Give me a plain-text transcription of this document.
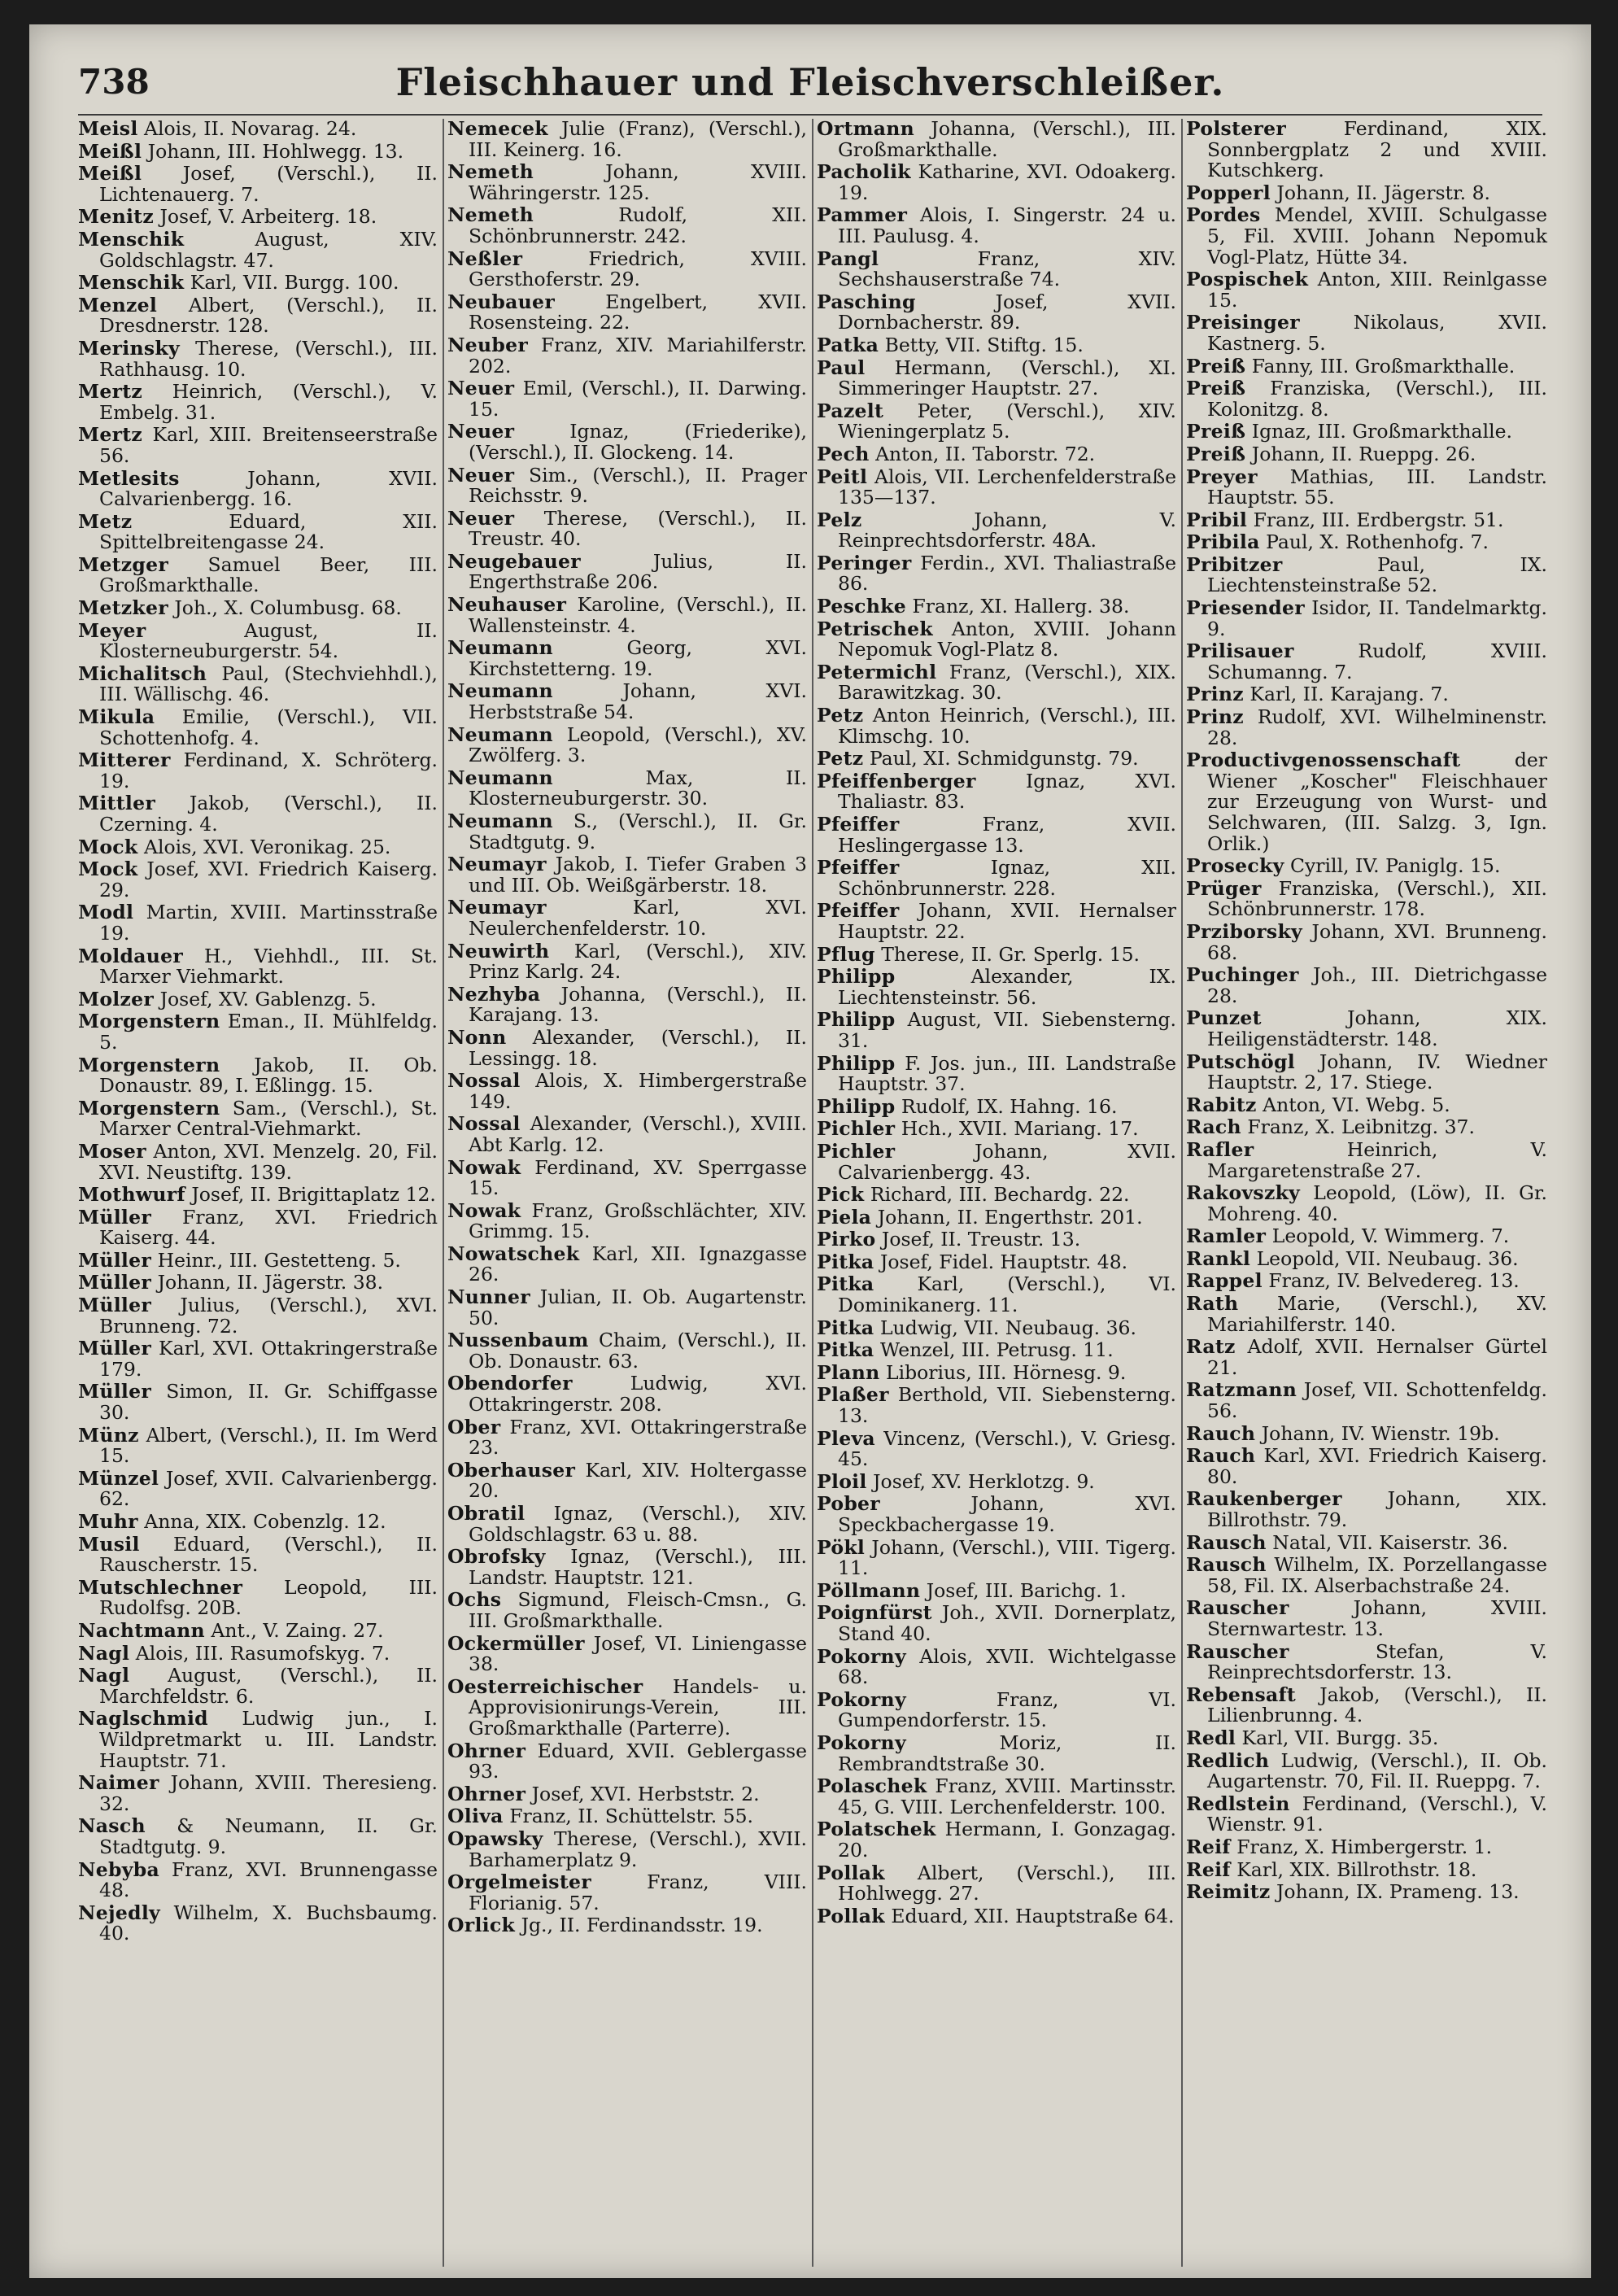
738	Fleischhauer und Fleischverschleißer.

Meisl Alois, II. Novarag. 24.

Meißl Johann, III. Hohlwegg. 13.

Meißl Josef, (Verschl.), II. Lichtenauerg. 7.

Menitz Josef, V. Arbeiterg. 18.

Menschik	August, XIV. Goldschlagstr. 47.

Menschik Karl, VII. Burgg. 100.

Menzel Albert, (Verschl.), II. Dresdnerstr. 128.

Merinsky Therese, (Verschl.), III. Rathhausg. 10.

Mertz Heinrich, (Verschl.), V. Embelg. 31.

Mertz Karl, XIII. Breitenseerstraße 56.

Metlesits	Johann, XVII. Calvarienbergg. 16.

Metz	Eduard, XII. Spittelbreitengasse 24.

Metzger Samuel Beer, III. Großmarkthalle.

Metzker Joh., X. Columbusg. 68.

Meyer	August, II. Klosterneuburgerstr. 54.

Michalitsch Paul, (Stechviehhdl.), III. Wällischg. 46.

Mikula Emilie, (Verschl.), VII. Schottenhofg. 4.

Mitterer Ferdinand, X. Schröterg. 19.

Mittler Jakob, (Verschl.), II. Czerning. 4.

Mock Alois, XVI. Veronikag. 25.

Mock Josef, XVI. Friedrich Kaiserg. 29.

Modl Martin, XVIII. Martinsstraße 19.

Moldauer H., Viehhdl., III. St. Marxer Viehmarkt.

Molzer Josef, XV. Gablenzg. 5.

Morgenstern Eman., II. Mühlfeldg. 5.

Morgenstern Jakob, II. Ob. Donaustr. 89, I. Eßlingg. 15.

Morgenstern Sam., (Verschl.), St. Marxer Central-Viehmarkt.

Moser Anton, XVI. Menzelg. 20, Fil. XVI. Neustiftg. 139.

Mothwurf Josef, II. Brigittaplatz 12.

Müller Franz, XVI. Friedrich Kaiserg. 44.

Müller Heinr., III. Gestetteng. 5.

Müller Johann, II. Jägerstr. 38.

Müller Julius, (Verschl.), XVI. Brunneng. 72.

Müller Karl, XVI. Ottakringerstraße 179.

Müller Simon, II. Gr. Schiffgasse 30.

Münz Albert, (Verschl.), II. Im Werd 15.

Münzel Josef, XVII. Calvarienbergg. 62.

Muhr Anna, XIX. Cobenzlg. 12.

Musil Eduard, (Verschl.), II. Rauscherstr. 15.

Mutschlechner Leopold, III. Rudolfsg. 20B.

Nachtmann Ant., V. Zaing. 27.

Nagl Alois, III. Rasumofskyg. 7.

Nagl August, (Verschl.), II. Marchfeldstr. 6.

Naglschmid Ludwig jun., I. Wildpretmarkt u. III. Landstr. Hauptstr. 71.

Naimer Johann, XVIII. Theresieng. 32.

Nasch & Neumann, II. Gr. Stadtgutg. 9.

Nebyba Franz, XVI. Brunnengasse 48.

Nejedly Wilhelm, X. Buchsbaumg. 40.

Nemecek Julie (Franz), (Verschl.), III. Keinerg. 16.

Nemeth	Johann, XVIII. Währingerstr. 125.

Nemeth	Rudolf, XII. Schönbrunnerstr. 242.

Neßler	Friedrich, XVIII. Gersthoferstr. 29.

Neubauer	Engelbert, XVII. Rosensteing. 22.

Neuber Franz, XIV. Mariahilferstr. 202.

Neuer Emil, (Verschl.), II. Darwing. 15.

Neuer	Ignaz, (Friederike), (Verschl.), II. Glockeng. 14.

Neuer Sim., (Verschl.), II. Prager Reichsstr. 9.

Neuer Therese, (Verschl.), II. Treustr. 40.

Neugebauer	Julius, II. Engerthstraße 206.

Neuhauser Karoline, (Verschl.), II. Wallensteinstr. 4.

Neumann	Georg, XVI. Kirchstetterng. 19.

Neumann	Johann, XVI. Herbststraße 54.

Neumann Leopold, (Verschl.), XV. Zwölferg. 3.

Neumann	Max, II. Klosterneuburgerstr. 30.

Neumann S., (Verschl.), II. Gr. Stadtgutg. 9.

Neumayr Jakob, I. Tiefer Graben 3 und III. Ob. Weißgärberstr. 18.

Neumayr	Karl, XVI. Neulerchenfelderstr. 10.

Neuwirth Karl, (Verschl.), XIV. Prinz Karlg. 24.

Nezhyba Johanna, (Verschl.), II. Karajang. 13.

Nonn Alexander, (Verschl.), II. Lessingg. 18.

Nossal Alois, X. Himbergerstraße 149.

Nossal Alexander, (Verschl.), XVIII. Abt Karlg. 12.

Nowak Ferdinand, XV. Sperrgasse 15.

Nowak Franz, Großschlächter, XIV. Grimmg. 15.

Nowatschek Karl, XII. Ignazgasse 26.

Nunner Julian, II. Ob. Augartenstr. 50.

Nussenbaum Chaim, (Verschl.), II. Ob. Donaustr. 63.

Obendorfer	Ludwig, XVI. Ottakringerstr. 208.

Ober Franz, XVI. Ottakringerstraße 23.

Oberhauser Karl, XIV. Holtergasse 20.

Obratil Ignaz, (Verschl.), XIV. Goldschlagstr. 63 u. 88.

Obrofsky Ignaz, (Verschl.), III. Landstr. Hauptstr. 121.

Ochs Sigmund, Fleisch-Cmsn., G. III. Großmarkthalle.

Ockermüller Josef, VI. Liniengasse 38.

Oesterreichischer Handels- u. Approvisionirungs-Verein, III. Großmarkthalle (Parterre).

Ohrner Eduard, XVII. Geblergasse 93.

Ohrner Josef, XVI. Herbststr. 2.

Oliva Franz, II. Schüttelstr. 55.

Opawsky Therese, (Verschl.), XVII. Barhamerplatz 9.

Orgelmeister	Franz, VIII. Florianig. 57.

Orlick Jg., II. Ferdinandsstr. 19.

Ortmann Johanna, (Verschl.), III. Großmarkthalle.

Pacholik Katharine, XVI. Odoakerg. 19.

Pammer Alois, I. Singerstr. 24 u. III. Paulusg. 4.

Pangl	Franz, XIV. Sechshauserstraße 74.

Pasching	Josef, XVII. Dornbacherstr. 89.

Patka Betty, VII. Stiftg. 15.

Paul Hermann, (Verschl.), XI. Simmeringer Hauptstr. 27.

Pazelt Peter, (Verschl.), XIV. Wieningerplatz 5.

Pech Anton, II. Taborstr. 72.

Peitl Alois, VII. Lerchenfelderstraße 135—137.

Pelz	Johann, V. Reinprechtsdorferstr. 48A.

Peringer Ferdin., XVI. Thaliastraße 86.

Peschke Franz, XI. Hallerg. 38.

Petrischek Anton, XVIII. Johann Nepomuk Vogl-Platz 8.

Petermichl Franz, (Verschl.), XIX. Barawitzkag. 30.

Petz Anton Heinrich, (Verschl.), III. Klimschg. 10.

Petz Paul, XI. Schmidgunstg. 79.

Pfeiffenberger	Ignaz, XVI. Thaliastr. 83.

Pfeiffer	Franz, XVII. Heslingergasse 13.

Pfeiffer	Ignaz, XII. Schönbrunnerstr. 228.

Pfeiffer Johann, XVII. Hernalser Hauptstr. 22.

Pflug Therese, II. Gr. Sperlg. 15.

Philipp	Alexander, IX. Liechtensteinstr. 56.

Philipp August, VII. Siebensterng. 31.

Philipp F. Jos. jun., III. Landstraße Hauptstr. 37.

Philipp Rudolf, IX. Hahng. 16.

Pichler Hch., XVII. Mariang. 17.

Pichler	Johann, XVII. Calvarienbergg. 43.

Pick Richard, III. Bechardg. 22.

Piela Johann, II. Engerthstr. 201.

Pirko Josef, II. Treustr. 13.

Pitka Josef, Fidel. Hauptstr. 48.

Pitka Karl, (Verschl.), VI. Dominikanerg. 11.

Pitka Ludwig, VII. Neubaug. 36.

Pitka Wenzel, III. Petrusg. 11.

Plann Liborius, III. Hörnesg. 9.

Plaßer Berthold, VII. Siebensterng. 13.

Pleva Vincenz, (Verschl.), V. Griesg. 45.

Ploil Josef, XV. Herklotzg. 9.

Pober	Johann, XVI. Speckbachergasse 19.

Pökl Johann, (Verschl.), VIII. Tigerg. 11.

Pöllmann Josef, III. Barichg. 1.

Poignfürst Joh., XVII. Dornerplatz, Stand 40.

Pokorny Alois, XVII. Wichtelgasse 68.

Pokorny	Franz, VI. Gumpendorferstr. 15.

Pokorny	Moriz, II. Rembrandtstraße 30.

Polaschek Franz, XVIII. Martinsstr. 45, G. VIII. Lerchenfelderstr. 100.

Polatschek Hermann, I. Gonzagag. 20.

Pollak Albert, (Verschl.), III. Hohlwegg. 27.

Pollak Eduard, XII. Hauptstraße 64.

Polsterer	Ferdinand, XIX. Sonnbergplatz 2 und XVIII. Kutschkerg.

Popperl Johann, II. Jägerstr. 8.

Pordes Mendel, XVIII. Schulgasse 5, Fil. XVIII. Johann Nepomuk Vogl-Platz, Hütte 34.

Pospischek Anton, XIII. Reinlgasse 15.

Preisinger	Nikolaus, XVII. Kastnerg. 5.

Preiß Fanny, III. Großmarkthalle.

Preiß Franziska, (Verschl.), III. Kolonitzg. 8.

Preiß Ignaz, III. Großmarkthalle.

Preiß Johann, II. Rueppg. 26.

Preyer Mathias, III. Landstr. Hauptstr. 55.

Pribil Franz, III. Erdbergstr. 51.

Pribila Paul, X. Rothenhofg. 7.

Pribitzer	Paul, IX. Liechtensteinstraße 52.

Priesender Isidor, II. Tandelmarktg. 9.

Prilisauer	Rudolf, XVIII. Schumanng. 7.

Prinz Karl, II. Karajang. 7.

Prinz Rudolf, XVI. Wilhelminenstr. 28.

Productivgenossenschaft	der Wiener „Koscher" Fleischhauer zur Erzeugung von Wurst- und Selchwaren, (III. Salzg. 3, Ign. Orlik.)

Prosecky Cyrill, IV. Paniglg. 15.

Prüger Franziska, (Verschl.), XII. Schönbrunnerstr. 178.

Prziborsky Johann, XVI. Brunneng. 68.

Puchinger Joh., III. Dietrichgasse 28.

Punzet	Johann, XIX. Heiligenstädterstr. 148.

Putschögl Johann, IV. Wiedner Hauptstr. 2, 17. Stiege.

Rabitz Anton, VI. Webg. 5.

Rach Franz, X. Leibnitzg. 37.

Rafler	Heinrich, V. Margaretenstraße 27.

Rakovszky Leopold, (Löw), II. Gr. Mohreng. 40.

Ramler Leopold, V. Wimmerg. 7.

Rankl Leopold, VII. Neubaug. 36.

Rappel Franz, IV. Belvedereg. 13.

Rath Marie, (Verschl.), XV. Mariahilferstr. 140.

Ratz Adolf, XVII. Hernalser Gürtel 21.

Ratzmann Josef, VII. Schottenfeldg. 56.

Rauch Johann, IV. Wienstr. 19b.

Rauch Karl, XVI. Friedrich Kaiserg. 80.

Raukenberger Johann, XIX. Billrothstr. 79.

Rausch Natal, VII. Kaiserstr. 36.

Rausch Wilhelm, IX. Porzellangasse 58, Fil. IX. Alserbachstraße 24.

Rauscher	Johann, XVIII. Sternwartestr. 13.

Rauscher	Stefan, V. Reinprechtsdorferstr. 13.

Rebensaft Jakob, (Verschl.), II. Lilienbrunng. 4.

Redl Karl, VII. Burgg. 35.

Redlich Ludwig, (Verschl.), II. Ob. Augartenstr. 70, Fil. II. Rueppg. 7.

Redlstein Ferdinand, (Verschl.), V. Wienstr. 91.

Reif Franz, X. Himbergerstr. 1.

Reif Karl, XIX. Billrothstr. 18.

Reimitz Johann, IX. Prameng. 13.
